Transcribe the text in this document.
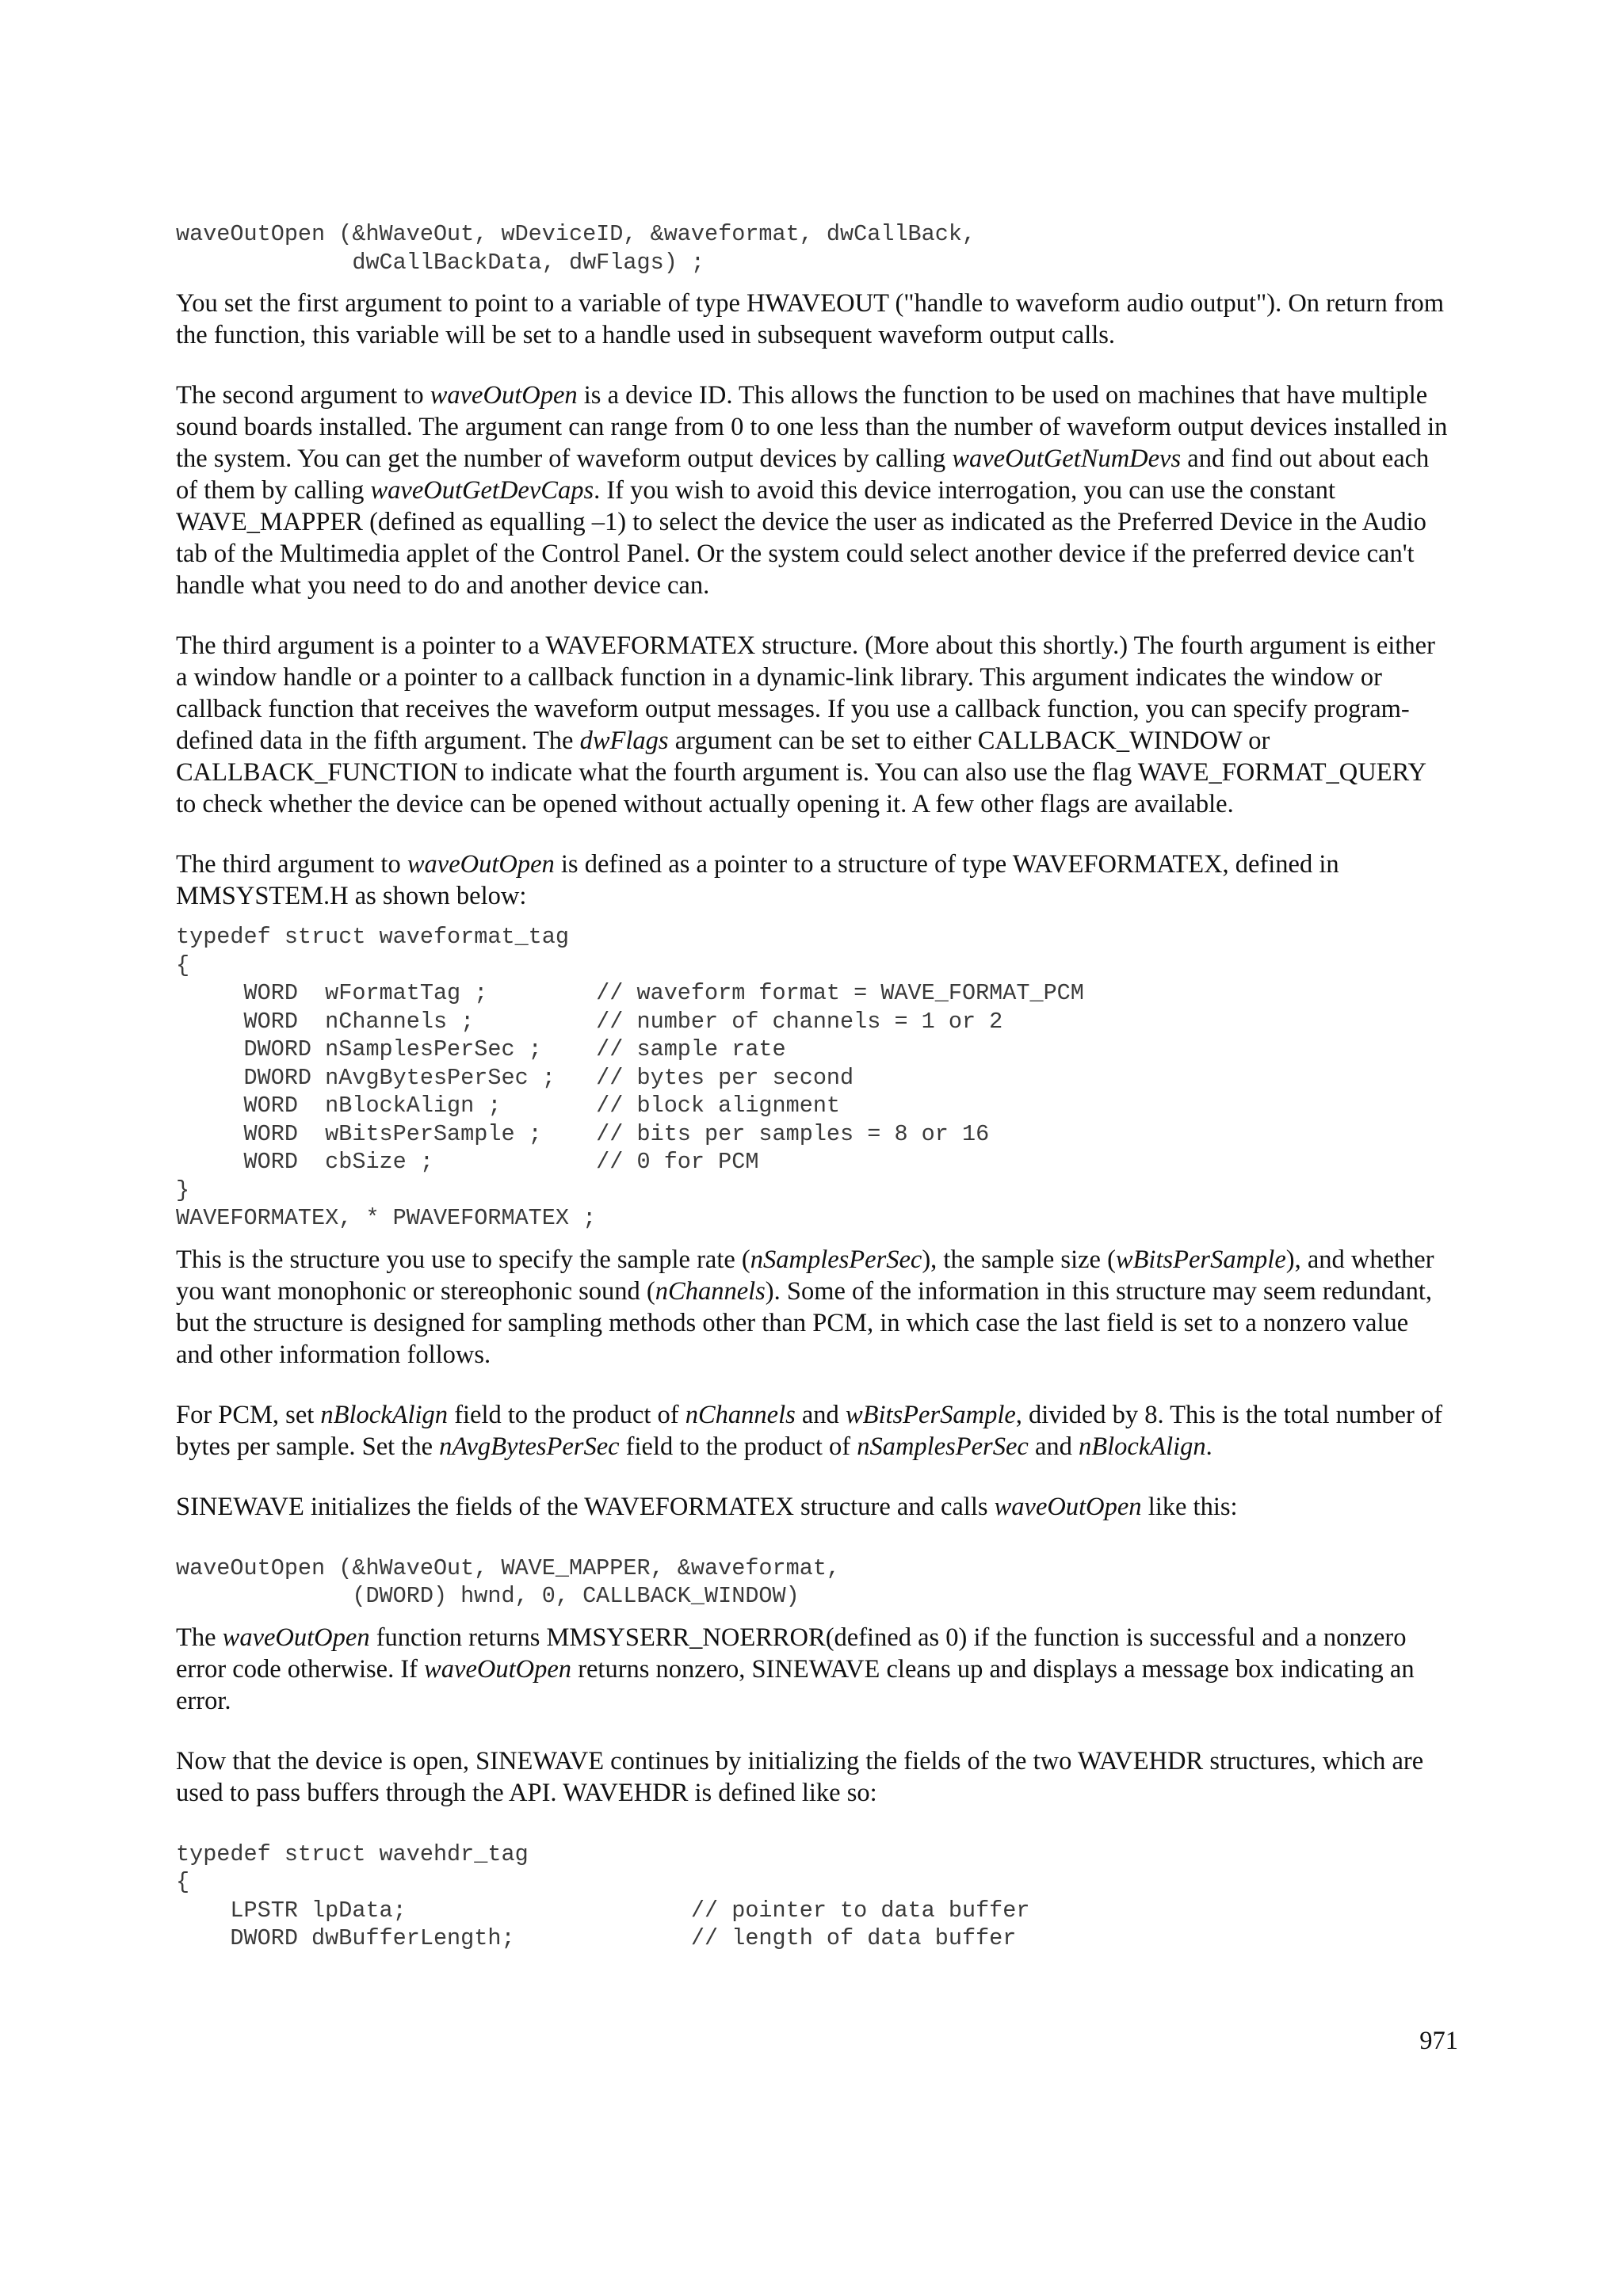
waveOutOpen (&hWaveOut, wDeviceID, &waveformat, dwCallBack,
dwCallBackData, dwFlags) ;

You set the first argument to point to a variable of type HWAVEOUT ("handle to waveform audio output"). On return from the function, this variable will be set to a handle used in subsequent waveform output calls.

The second argument to waveOutOpen is a device ID. This allows the function to be used on machines that have multiple sound boards installed. The argument can range from 0 to one less than the number of waveform output devices installed in the system. You can get the number of waveform output devices by calling waveOutGetNumDevs and find out about each of them by calling waveOutGetDevCaps. If you wish to avoid this device interrogation, you can use the constant WAVE_MAPPER (defined as equalling –1) to select the device the user as indicated as the Preferred Device in the Audio tab of the Multimedia applet of the Control Panel. Or the system could select another device if the preferred device can't handle what you need to do and another device can.

The third argument is a pointer to a WAVEFORMATEX structure. (More about this shortly.) The fourth argument is either a window handle or a pointer to a callback function in a dynamic-link library. This argument indicates the window or callback function that receives the waveform output messages. If you use a callback function, you can specify program-defined data in the fifth argument. The dwFlags argument can be set to either CALLBACK_WINDOW or CALLBACK_FUNCTION to indicate what the fourth argument is. You can also use the flag WAVE_FORMAT_QUERY to check whether the device can be opened without actually opening it. A few other flags are available.

The third argument to waveOutOpen is defined as a pointer to a structure of type WAVEFORMATEX, defined in MMSYSTEM.H as shown below:

typedef struct waveformat_tag
{
WORD  wFormatTag ;        // waveform format = WAVE_FORMAT_PCM
WORD  nChannels ;         // number of channels = 1 or 2
DWORD nSamplesPerSec ;    // sample rate
DWORD nAvgBytesPerSec ;   // bytes per second
WORD  nBlockAlign ;       // block alignment
WORD  wBitsPerSample ;    // bits per samples = 8 or 16
WORD  cbSize ;            // 0 for PCM
}
WAVEFORMATEX, * PWAVEFORMATEX ;

This is the structure you use to specify the sample rate (nSamplesPerSec), the sample size (wBitsPerSample), and whether you want monophonic or stereophonic sound (nChannels). Some of the information in this structure may seem redundant, but the structure is designed for sampling methods other than PCM, in which case the last field is set to a nonzero value and other information follows.

For PCM, set nBlockAlign field to the product of nChannels and wBitsPerSample, divided by 8. This is the total number of bytes per sample. Set the nAvgBytesPerSec field to the product of nSamplesPerSec and nBlockAlign.

SINEWAVE initializes the fields of the WAVEFORMATEX structure and calls waveOutOpen like this:

waveOutOpen (&hWaveOut, WAVE_MAPPER, &waveformat,
(DWORD) hwnd, 0, CALLBACK_WINDOW)

The waveOutOpen function returns MMSYSERR_NOERROR(defined as 0) if the function is successful and a nonzero error code otherwise. If waveOutOpen returns nonzero, SINEWAVE cleans up and displays a message box indicating an error.

Now that the device is open, SINEWAVE continues by initializing the fields of the two WAVEHDR structures, which are used to pass buffers through the API. WAVEHDR is defined like so:

typedef struct wavehdr_tag
{
LPSTR lpData;                     // pointer to data buffer
DWORD dwBufferLength;             // length of data buffer
971
